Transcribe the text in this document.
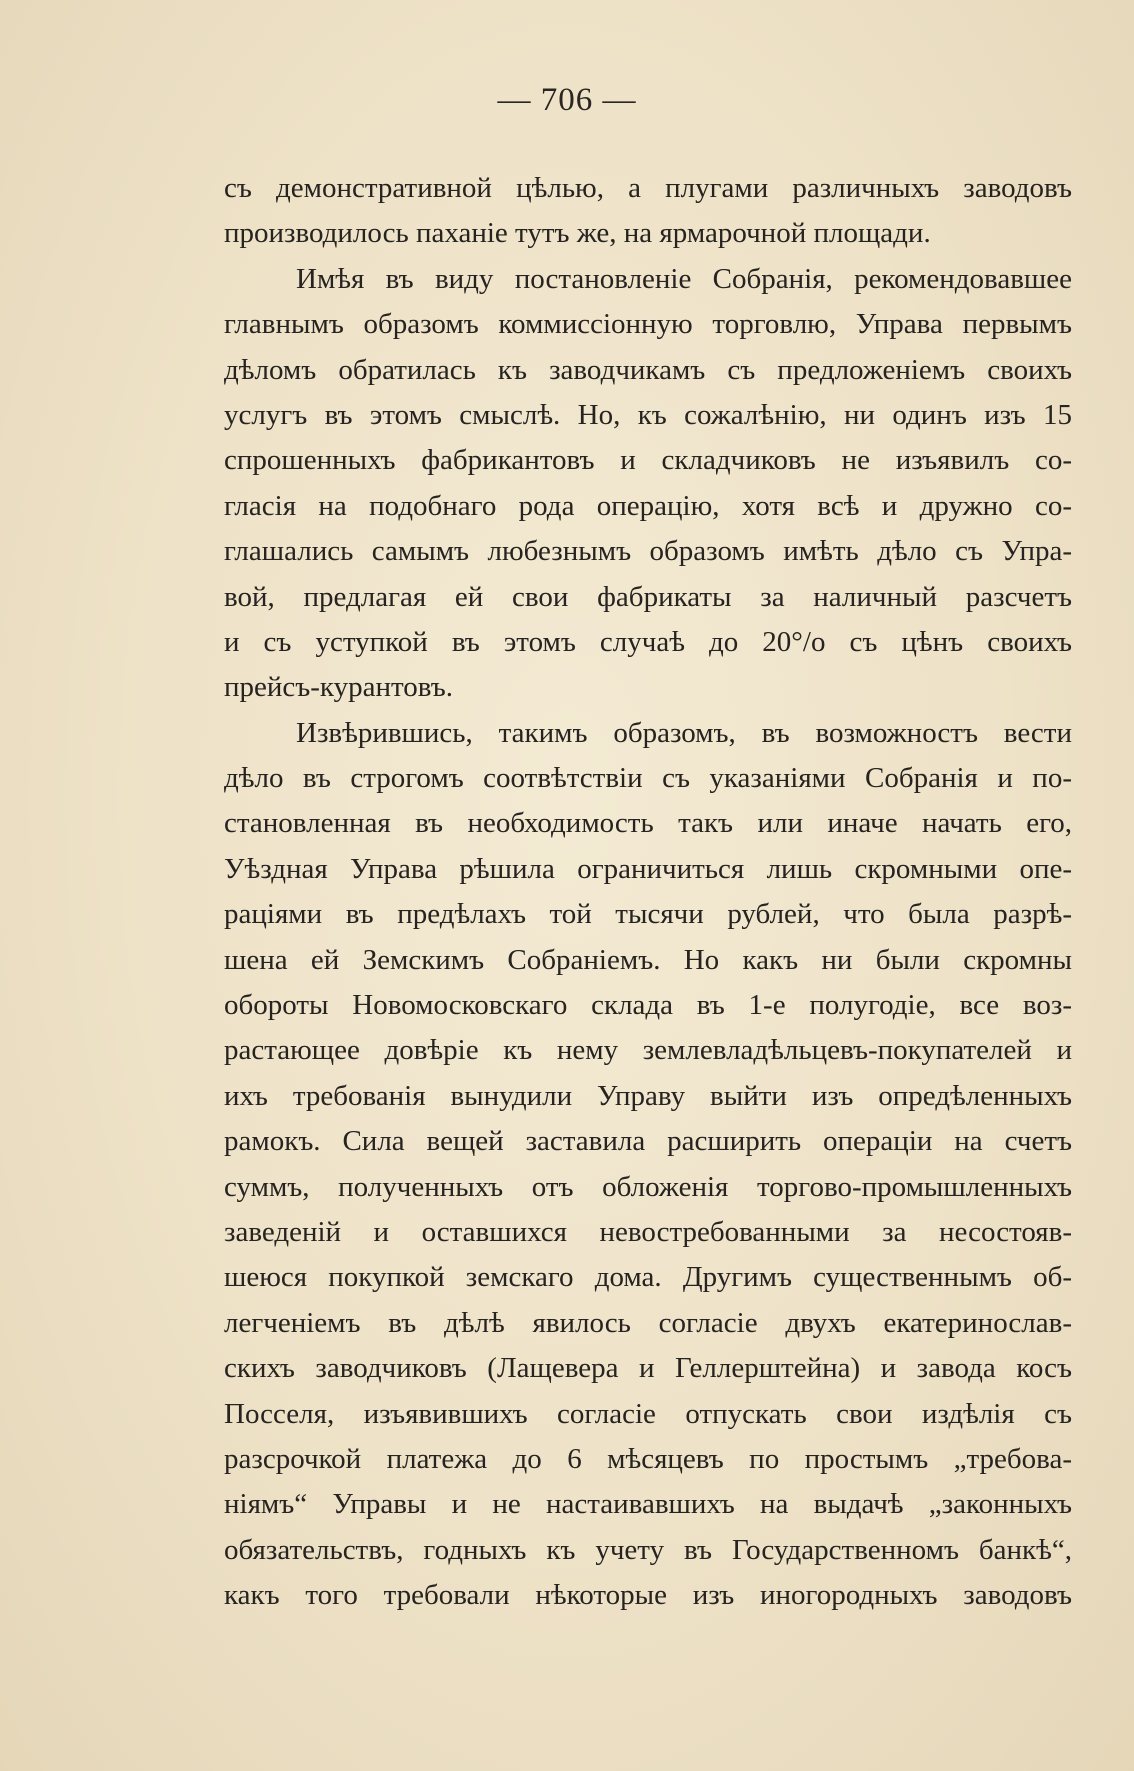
— 706 —
съ демонстративной цѣлью, а плугами различныхъ заводовъ
производилось паханіе тутъ же, на ярмарочной площади.
Имѣя въ виду постановленіе Собранія, рекомендовавшее
главнымъ образомъ коммиссіонную торговлю, Управа первымъ
дѣломъ обратилась къ заводчикамъ съ предложеніемъ своихъ
услугъ въ этомъ смыслѣ. Но, къ сожалѣнію, ни одинъ изъ 15
спрошенныхъ фабрикантовъ и складчиковъ не изъявилъ со-
гласія на подобнаго рода операцію, хотя всѣ и дружно со-
глашались самымъ любезнымъ образомъ имѣть дѣло съ Упра-
вой, предлагая ей свои фабрикаты за наличный разсчетъ
и съ уступкой въ этомъ случаѣ до 20°/o съ цѣнъ своихъ
прейсъ-курантовъ.
Извѣрившись, такимъ образомъ, въ возможностъ вести
дѣло въ строгомъ соотвѣтствіи съ указаніями Собранія и по-
становленная въ необходимость такъ или иначе начать его,
Уѣздная Управа рѣшила ограничиться лишь скромными опе-
раціями въ предѣлахъ той тысячи рублей, что была разрѣ-
шена ей Земскимъ Собраніемъ. Но какъ ни были скромны
обороты Новомосковскаго склада въ 1-е полугодіе, все воз-
растающее довѣріе къ нему землевладѣльцевъ-покупателей и
ихъ требованія вынудили Управу выйти изъ опредѣленныхъ
рамокъ. Сила вещей заставила расширить операціи на счетъ
суммъ, полученныхъ отъ обложенія торгово-промышленныхъ
заведеній и оставшихся невостребованными за несостояв-
шеюся покупкой земскаго дома. Другимъ существеннымъ об-
легченіемъ въ дѣлѣ явилось согласіе двухъ екатеринослав-
скихъ заводчиковъ (Лащевера и Геллерштейна) и завода косъ
Посселя, изъявившихъ согласіе отпускать свои издѣлія съ
разсрочкой платежа до 6 мѣсяцевъ по простымъ „требова-
ніямъ“ Управы и не настаивавшихъ на выдачѣ „законныхъ
обязательствъ, годныхъ къ учету въ Государственномъ банкѣ“,
какъ того требовали нѣкоторые изъ иногородныхъ заводовъ
